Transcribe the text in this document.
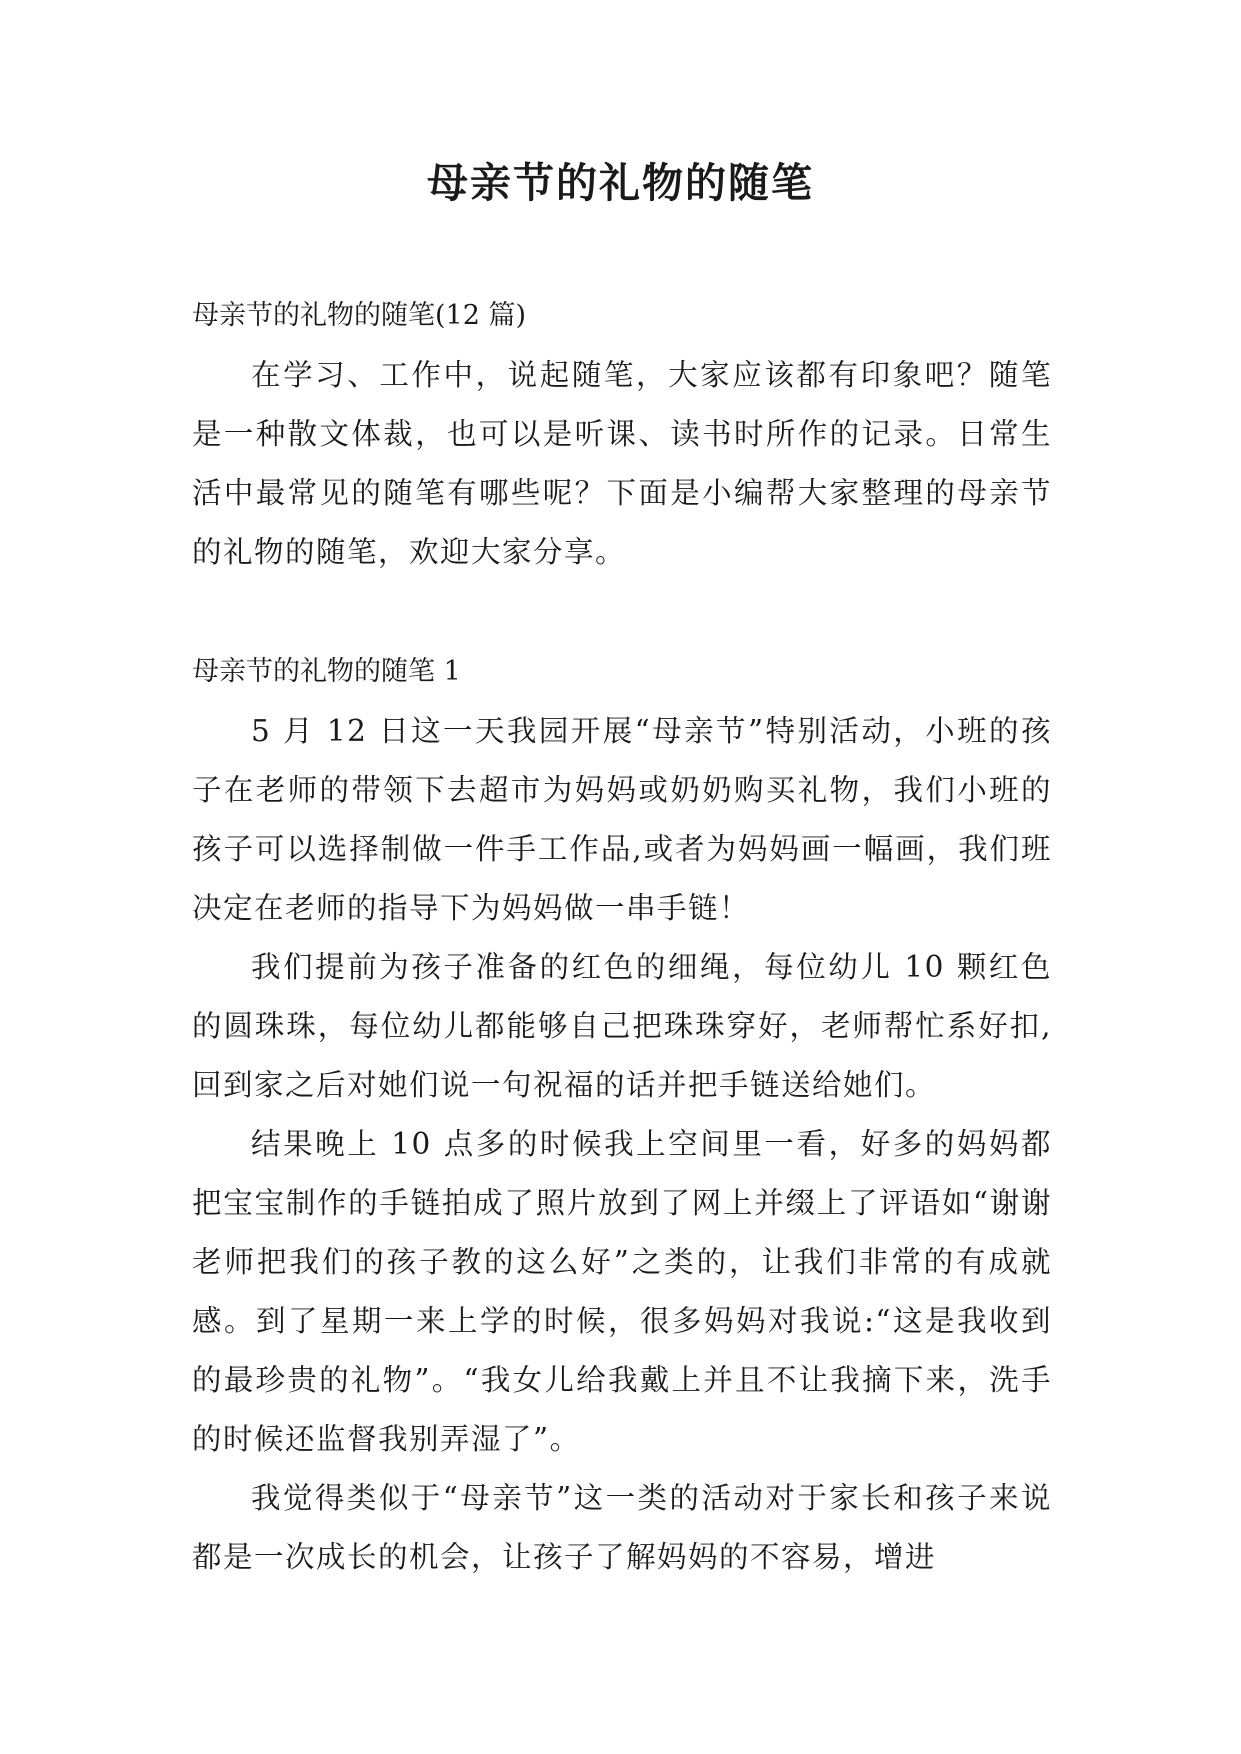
母亲节的礼物的随笔

母亲节的礼物的随笔(12 篇)

在学习、工作中，说起随笔，大家应该都有印象吧？随笔是一种散文体裁，也可以是听课、读书时所作的记录。日常生活中最常见的随笔有哪些呢？下面是小编帮大家整理的母亲节的礼物的随笔，欢迎大家分享。

母亲节的礼物的随笔 1

5 月 12 日这一天我园开展“母亲节”特别活动，小班的孩子在老师的带领下去超市为妈妈或奶奶购买礼物，我们小班的孩子可以选择制做一件手工作品,或者为妈妈画一幅画，我们班决定在老师的指导下为妈妈做一串手链！

我们提前为孩子准备的红色的细绳，每位幼儿 10 颗红色的圆珠珠，每位幼儿都能够自己把珠珠穿好，老师帮忙系好扣,回到家之后对她们说一句祝福的话并把手链送给她们。

结果晚上 10 点多的时候我上空间里一看，好多的妈妈都把宝宝制作的手链拍成了照片放到了网上并缀上了评语如“谢谢老师把我们的孩子教的这么好”之类的，让我们非常的有成就感。到了星期一来上学的时候，很多妈妈对我说:“这是我收到的最珍贵的礼物”。“我女儿给我戴上并且不让我摘下来，洗手的时候还监督我别弄湿了”。

我觉得类似于“母亲节”这一类的活动对于家长和孩子来说都是一次成长的机会，让孩子了解妈妈的不容易，增进
